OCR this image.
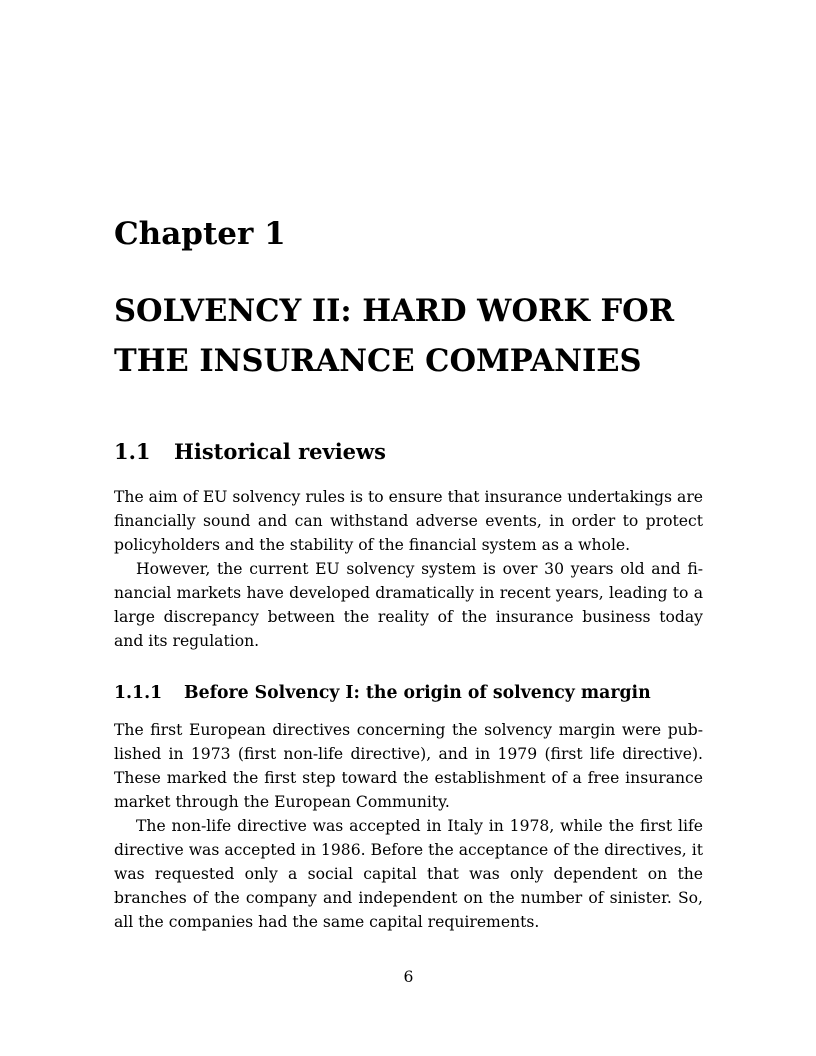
Chapter 1
SOLVENCY II: HARD WORK FOR
THE INSURANCE COMPANIES
1.1 Historical reviews

The aim of EU solvency rules is to ensure that insurance undertakings are financially sound and can withstand adverse events, in order to protect policyholders and the stability of the financial system as a whole.

However, the current EU solvency system is over 30 years old and financial markets have developed dramatically in recent years, leading to a large discrepancy between the reality of the insurance business today and its regulation.

1.1.1 Before Solvency I: the origin of solvency margin

The first European directives concerning the solvency margin were published in 1973 (first non-life directive), and in 1979 (first life directive). These marked the first step toward the establishment of a free insurance market through the European Community.

The non-life directive was accepted in Italy in 1978, while the first life directive was accepted in 1986. Before the acceptance of the directives, it was requested only a social capital that was only dependent on the branches of the company and independent on the number of sinister. So, all the companies had the same capital requirements.

6
